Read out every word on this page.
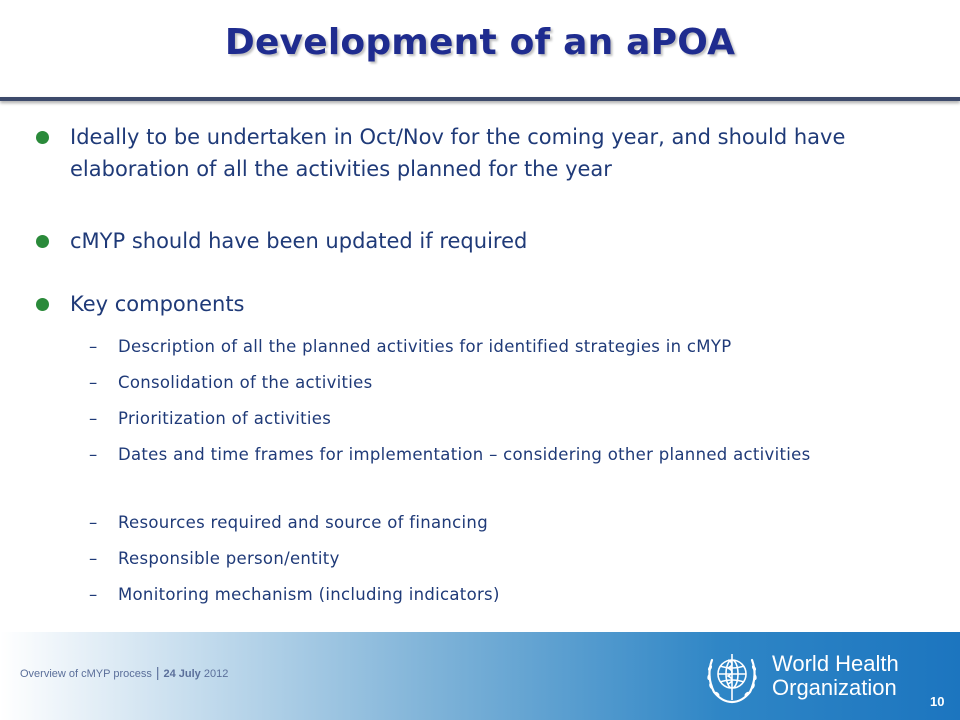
Development of an aPOA
Ideally to be undertaken in Oct/Nov for the coming year, and should have elaboration of all the activities planned for the year
cMYP should have been updated if required
Key components
– Description of all the planned activities for identified strategies in cMYP
– Consolidation of the activities
– Prioritization of activities
– Dates and time frames for implementation – considering other planned activities
– Resources required and source of financing
– Responsible person/entity
– Monitoring mechanism (including indicators)
Overview of cMYP process | 24 July 2012	World Health
Organization
10
